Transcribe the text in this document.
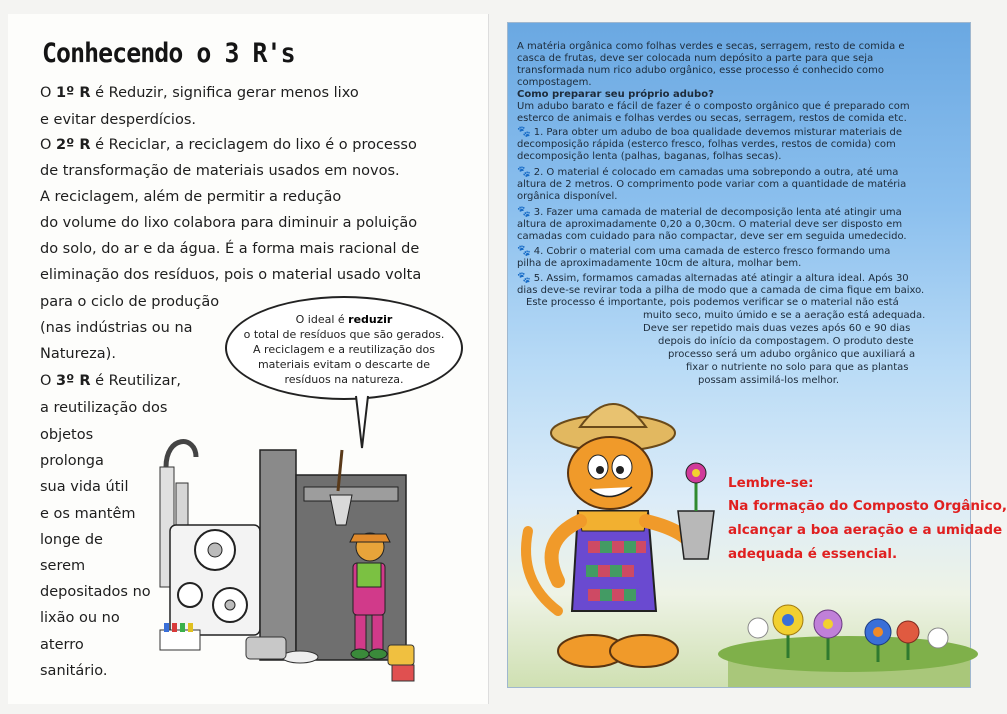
Conhecendo o 3 R's
O 1º R é Reduzir, significa gerar menos lixo
e evitar desperdícios.
O 2º R é Reciclar, a reciclagem do lixo é o processo
de transformação de materiais usados em novos.
A reciclagem, além de permitir a redução
do volume do lixo colabora para diminuir a poluição
do solo, do ar e da água. É a forma mais racional de
eliminação dos resíduos, pois o material usado volta
para o ciclo de produção
(nas indústrias ou na
Natureza).
O 3º R é Reutilizar,
a reutilização dos
objetos
prolonga
sua vida útil
e os mantêm
longe de
serem
depositados no
lixão ou no
aterro
sanitário.
O ideal é reduzir
o total de resíduos que são gerados.
A reciclagem e a reutilização dos
materiais evitam o descarte de
resíduos na natureza.
A matéria orgânica como folhas verdes e secas, serragem, resto de comida e
casca de frutas, deve ser colocada num depósito a parte para que seja
transformada num rico adubo orgânico, esse processo é conhecido como
compostagem.
Como preparar seu próprio adubo?
Um adubo barato e fácil de fazer é o composto orgânico que é preparado com
esterco de animais e folhas verdes ou secas, serragem, restos de comida etc.
🐾 1. Para obter um adubo de boa qualidade devemos misturar materiais de
decomposição rápida (esterco fresco, folhas verdes, restos de comida) com
decomposição lenta (palhas, baganas, folhas secas).
🐾 2. O material é colocado em camadas uma sobrepondo a outra, até uma
altura de 2 metros. O comprimento pode variar com a quantidade de matéria
orgânica disponível.
🐾 3. Fazer uma camada de material de decomposição lenta até atingir uma
altura de aproximadamente 0,20 a 0,30cm. O material deve ser disposto em
camadas com cuidado para não compactar, deve ser em seguida umedecido.
🐾 4. Cobrir o material com uma camada de esterco fresco formando uma
pilha de aproximadamente 10cm de altura, molhar bem.
🐾 5. Assim, formamos camadas alternadas até atingir a altura ideal. Após 30
dias deve-se revirar toda a pilha de modo que a camada de cima fique em baixo.
Este processo é importante, pois podemos verificar se o material não está
muito seco, muito úmido e se a aeração está adequada.
Deve ser repetido mais duas vezes após 60 e 90 dias
depois do início da compostagem. O produto deste
processo será um adubo orgânico que auxiliará a
fixar o nutriente no solo para que as plantas
possam assimilá-los melhor.
Lembre-se:
Na formação do Composto Orgânico,
alcançar a boa aeração e a umidade
adequada é essencial.
